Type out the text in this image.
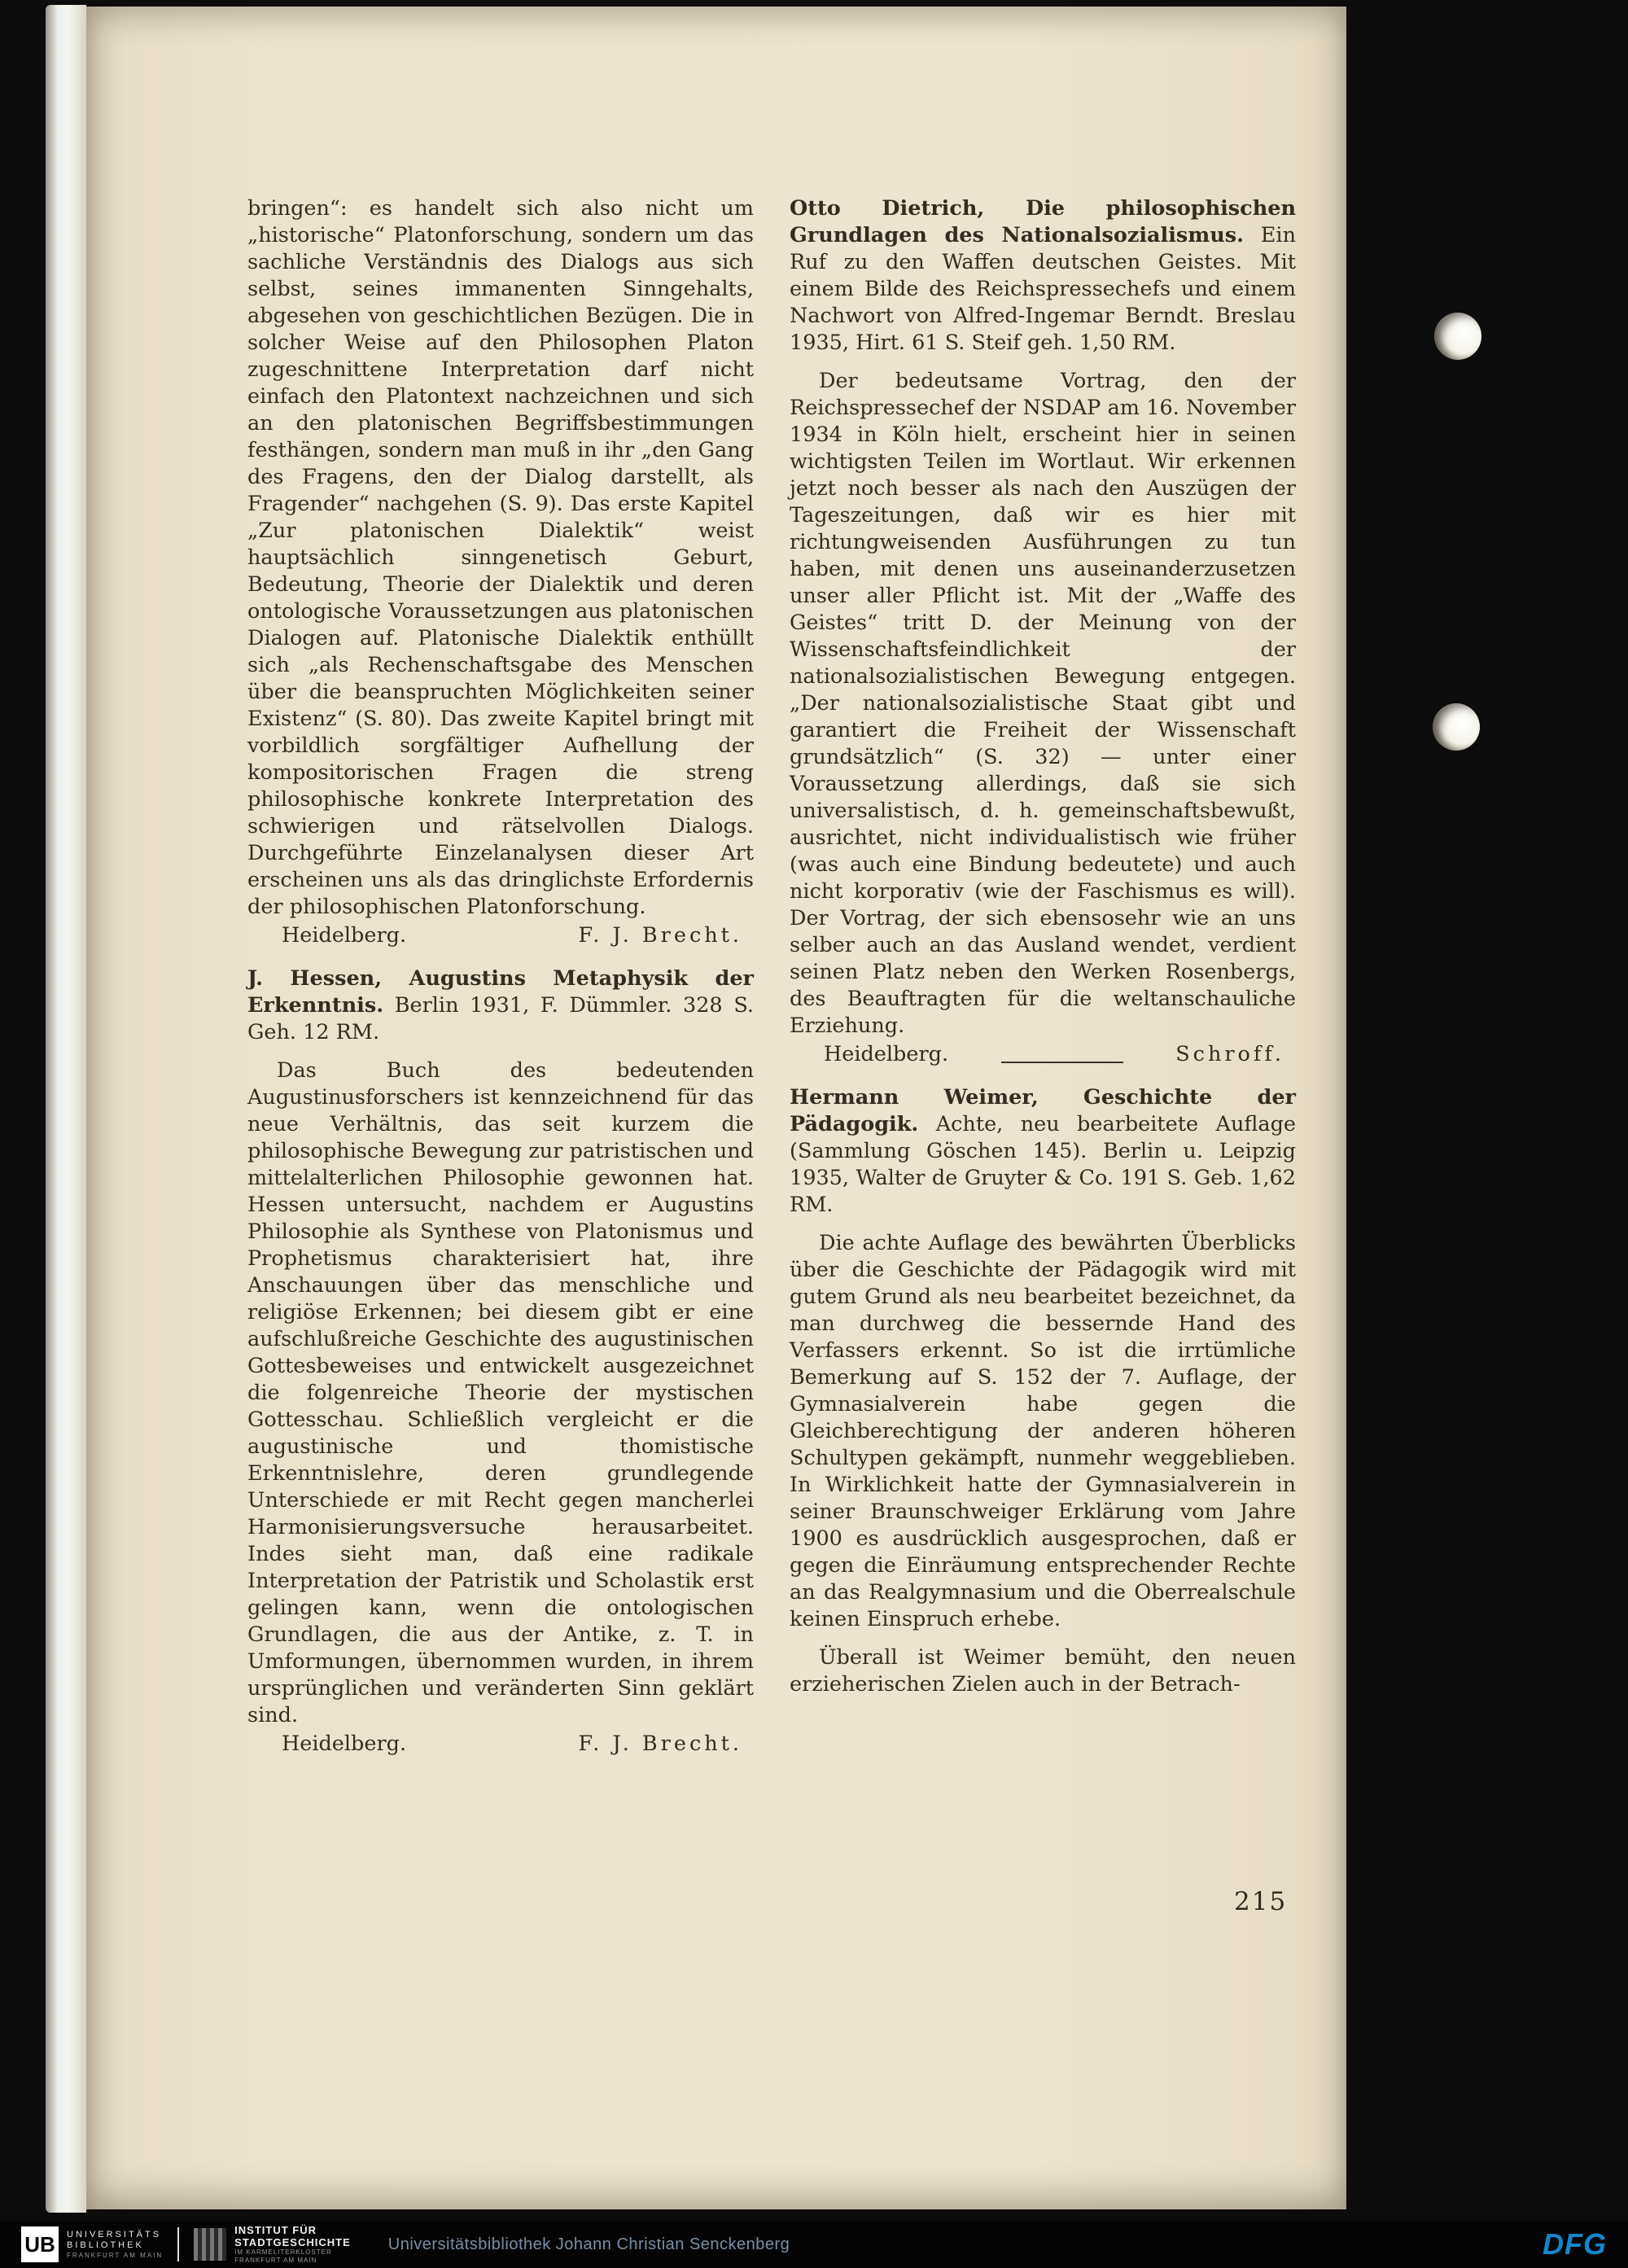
bringen“: es handelt sich also nicht um „historische“ Platonforschung, sondern um das sachliche Verständnis des Dialogs aus sich selbst, seines immanenten Sinngehalts, abgesehen von geschichtlichen Bezügen. Die in solcher Weise auf den Philosophen Platon zugeschnittene Interpretation darf nicht einfach den Platontext nachzeichnen und sich an den platonischen Begriffsbestimmungen festhängen, sondern man muß in ihr „den Gang des Fragens, den der Dialog darstellt, als Fragender“ nachgehen (S. 9). Das erste Kapitel „Zur platonischen Dialektik“ weist hauptsächlich sinngenetisch Geburt, Bedeutung, Theorie der Dialektik und deren ontologische Voraussetzungen aus platonischen Dialogen auf. Platonische Dialektik enthüllt sich „als Rechenschaftsgabe des Menschen über die beanspruchten Möglichkeiten seiner Existenz“ (S. 80). Das zweite Kapitel bringt mit vorbildlich sorgfältiger Aufhellung der kompositorischen Fragen die streng philosophische konkrete Interpretation des schwierigen und rätselvollen Dialogs. Durchgeführte Einzelanalysen dieser Art erscheinen uns als das dringlichste Erfordernis der philosophischen Platonforschung.

Heidelberg.	F. J. Brecht.

J. Hessen, Augustins Metaphysik der Erkenntnis. Berlin 1931, F. Dümmler. 328 S. Geh. 12 RM.

Das Buch des bedeutenden Augustinusforschers ist kennzeichnend für das neue Verhältnis, das seit kurzem die philosophische Bewegung zur patristischen und mittelalterlichen Philosophie gewonnen hat. Hessen untersucht, nachdem er Augustins Philosophie als Synthese von Platonismus und Prophetismus charakterisiert hat, ihre Anschauungen über das menschliche und religiöse Erkennen; bei diesem gibt er eine aufschlußreiche Geschichte des augustinischen Gottesbeweises und entwickelt ausgezeichnet die folgenreiche Theorie der mystischen Gottesschau. Schließlich vergleicht er die augustinische und thomistische Erkenntnislehre, deren grundlegende Unterschiede er mit Recht gegen mancherlei Harmonisierungsversuche herausarbeitet. Indes sieht man, daß eine radikale Interpretation der Patristik und Scholastik erst gelingen kann, wenn die ontologischen Grundlagen, die aus der Antike, z. T. in Umformungen, übernommen wurden, in ihrem ursprünglichen und veränderten Sinn geklärt sind.

Heidelberg.	F. J. Brecht.

Otto Dietrich, Die philosophischen Grundlagen des Nationalsozialismus. Ein Ruf zu den Waffen deutschen Geistes. Mit einem Bilde des Reichspressechefs und einem Nachwort von Alfred-Ingemar Berndt. Breslau 1935, Hirt. 61 S. Steif geh. 1,50 RM.

Der bedeutsame Vortrag, den der Reichspressechef der NSDAP am 16. November 1934 in Köln hielt, erscheint hier in seinen wichtigsten Teilen im Wortlaut. Wir erkennen jetzt noch besser als nach den Auszügen der Tageszeitungen, daß wir es hier mit richtungweisenden Ausführungen zu tun haben, mit denen uns auseinanderzusetzen unser aller Pflicht ist. Mit der „Waffe des Geistes“ tritt D. der Meinung von der Wissenschaftsfeindlichkeit der nationalsozialistischen Bewegung entgegen. „Der nationalsozialistische Staat gibt und garantiert die Freiheit der Wissenschaft grundsätzlich“ (S. 32) — unter einer Voraussetzung allerdings, daß sie sich universalistisch, d. h. gemeinschaftsbewußt, ausrichtet, nicht individualistisch wie früher (was auch eine Bindung bedeutete) und auch nicht korporativ (wie der Faschismus es will). Der Vortrag, der sich ebensosehr wie an uns selber auch an das Ausland wendet, verdient seinen Platz neben den Werken Rosenbergs, des Beauftragten für die weltanschauliche Erziehung.

Heidelberg.	Schroff.

Hermann Weimer, Geschichte der Pädagogik. Achte, neu bearbeitete Auflage (Sammlung Göschen 145). Berlin u. Leipzig 1935, Walter de Gruyter & Co. 191 S. Geb. 1,62 RM.

Die achte Auflage des bewährten Überblicks über die Geschichte der Pädagogik wird mit gutem Grund als neu bearbeitet bezeichnet, da man durchweg die bessernde Hand des Verfassers erkennt. So ist die irrtümliche Bemerkung auf S. 152 der 7. Auflage, der Gymnasialverein habe gegen die Gleichberechtigung der anderen höheren Schultypen gekämpft, nunmehr weggeblieben. In Wirklichkeit hatte der Gymnasialverein in seiner Braunschweiger Erklärung vom Jahre 1900 es ausdrücklich ausgesprochen, daß er gegen die Einräumung entsprechender Rechte an das Realgymnasium und die Oberrealschule keinen Einspruch erhebe.

Überall ist Weimer bemüht, den neuen erzieherischen Zielen auch in der Betrach-

215
UB	UNIVERSITÄTS
BIBLIOTHEK
FRANKFURT AM MAIN
INSTITUT FÜR
STADTGESCHICHTE
IM KARMELITERKLOSTER
FRANKFURT AM MAIN
Universitätsbibliothek Johann Christian Senckenberg	DFG
